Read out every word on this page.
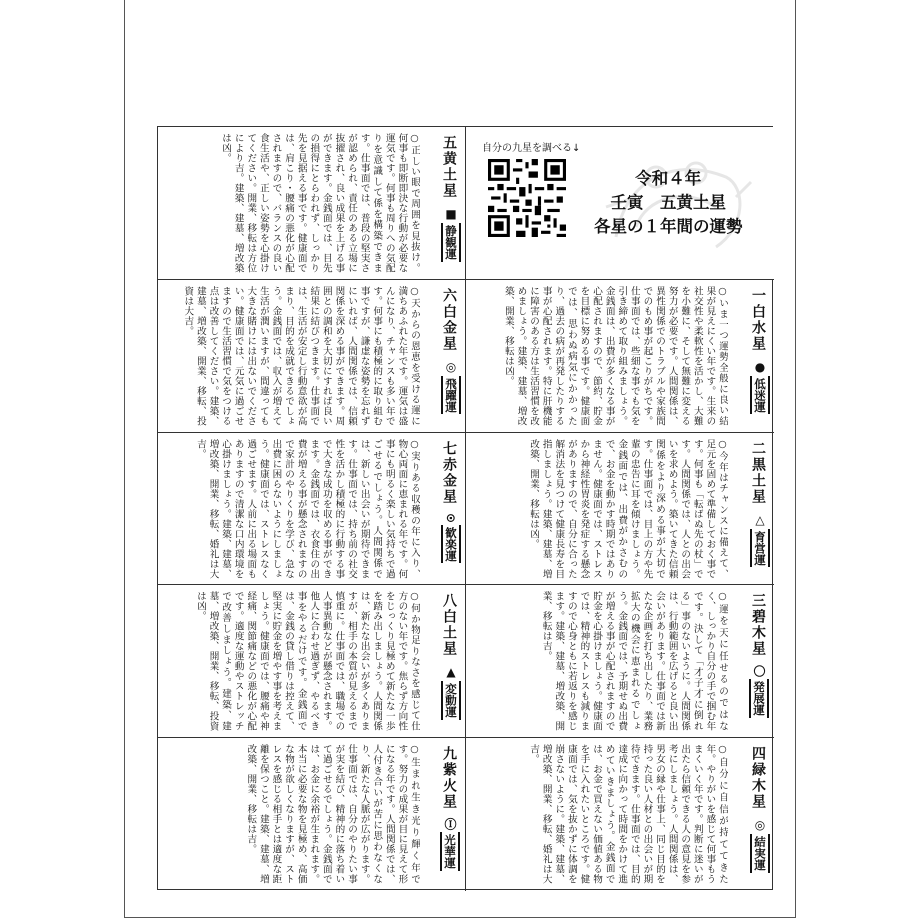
○正しい眼で周囲を見抜け。何事も即断即決な行動が必要な運気です。何事も周りへの気配りを意識して係を構築できます。仕事面では、普段の堅実さが認められ、責任のある立場に抜擢され、良い成果を上げる事ができます。金銭面では、目先の損得にとらわれず、しっかり先を見据える事です。健康面では、肩こり・腰痛の悪化が心配されますので、バランスの良い食生活や、正しい姿勢を心掛けてください。開業、移転は方位により吉。建築、建墓、増改築は凶。	五黄土星
■静観運
自分の九星を調べる↓
令和４年
壬寅　五黄土星
各星の１年間の運勢
○天からの恩恵を受ける運に満ちあふれた年です。運気は盛んになり、チャンスも多い年です。何事にも積極的に取り組む事ですが、謙虚な姿勢を忘れずにいれば、人間関係では、信頼関係を深める事ができます。周囲との調和を大切にすれば良い結果に結びつきます。仕事面では、生活が安定し行動意欲が高まり、目的を成就できるでしょう。金銭面では、収入が増えて生活が潤いますが、間違っても大きな賭けには出ないでください。健康面では、元気に過ごせますので生活習慣で気をつける点は改善してください。建築、建墓、増改築、開業、移転、投資は大吉。	六白金星
◎飛躍運	○いま一つ運勢全般に良い結果が見えにくい年です。生来の社交性や柔軟性を活かし、大難を小難に、そして無難に変える努力が必要です。人間関係は、異性関係でのトラブルや家族間でのもめ事が起こりがちです。仕事面では、些細な事でも気を引き締めて取り組みましょう。金銭面は、出費が多くなる事が心配されますので、節約、貯金を目標に努める事です。健康面では、思わぬ病気にかかったり、過去の病が再発したりする事が心配されます。特に肝機能に障害のある方は生活習慣を改めましょう。建築、建墓、増改築、開業、移転は凶。	一白水星
●低迷運
○実りある収穫の年に入り、物心両面に恵まれる年です。何事にも明るく楽しい気持ちで過ごせるでしょう。人間関係では、新しい出会いが期待できます。仕事面では、持ち前の社交性を活かし積極的に行動する事で大きな成功を収める事ができます。金銭面では、衣食住の出費が増える事が懸念されますので家計のやりくりを学び、急な出費に困らないようにしましょう。健康面では、ストレスなく過ごせます。人前に出る場面もありますので清潔な口内環境を心掛けましょう。建築、建墓、増改築、開業、移転、婚礼は大吉。	七赤金星
⊙歓楽運	○今年はチャンスに備えて、足元を固めて準備しておく事です。何事も「転ばぬ先の杖」です。人間関係では、人との出会いを求めよう。築いてきた信頼関係をより深める事が大切です。仕事面では、目上の方や先輩の忠告に耳を傾けましょう。金銭面では、出費がかさむので、お金を動かす時期ではありません。健康面では、ストレスから神経性胃炎を発症する懸念がありますので、自分に合った解消法を見つけて健康長寿を目指しましょう。建築、建墓、増改築、開業、移転は凶。	二黒土星
△育営運
○何か物足りなさを感じて仕方のない年です。焦らず方向性をじっくり見極めて新たな一歩を踏み出しましょう。人間関係は、新たな出会いが多くありますが、相手の本質が見えるまで慎重に。仕事面では、職場での人事異動などが懸念されます。他人に合わせ過ぎず、やるべき事をやるだけです。金銭面では、金銭の貸し借りは控えて、堅実に貯金を増やす事を考えましょう。健康面では、腰痛や神経痛、関節痛などの悪化が心配です。適度な運動やストレッチで改善しましょう。建築、建墓、増改築、開業、移転、投資は凶。	八白土星
▲変動運	○運を天に任せるのではなく、しっかり自分の手で掴む年です。決して「才子才に倒れる」事のないように。人間関係は、行動範囲を広げると良い出会いがあります。仕事面では新たな企画を打ち出したり、業務拡大の機会に恵まれるでしょう。金銭面では、予期せぬ出費が増える事が心配されますので貯金を心掛けましょう。健康面では、精神的ストレスも減りますので心身ともに若返りを感じます。建築、建墓、増改築、開業、移転は吉。	三碧木星
〇発展運
○生まれ生き光り輝く年です。努力の成果が目に見えて形になる年です。人間関係では、人付き合いが苦に思わなくなり、新たな人脈が広がります。仕事面では、自分のやりたい事が実を結び、精神的に落ち着いて過ごせるでしょう。金銭面では、お金に余裕が生まれます。本当に必要な物を見極め、高価な物が欲しくなりますが、ストレスを感じる相手とは適度な距離を保つこと。建築、建墓、増改築、開業、移転は吉。	九紫火星
Ⓘ光華運	○自分に自信が持ててきた年。やりがいを感じて何事もうまくいく年です。判断に迷いが出たら信頼できる人の意見を参考にしましょう。人間関係は、男女の縁や仕事上、同じ目的を持った良い人材との出会いが期待できます。仕事面では、目的達成に向かって時間をかけて進めていきましょう。金銭面では、お金で買えない価値ある物を手に入れたいところです。健康面では、気を抜かずに体調を崩さないように。建築、建墓、増改築、開業、移転、婚礼は大吉。	四緑木星
◎結実運
